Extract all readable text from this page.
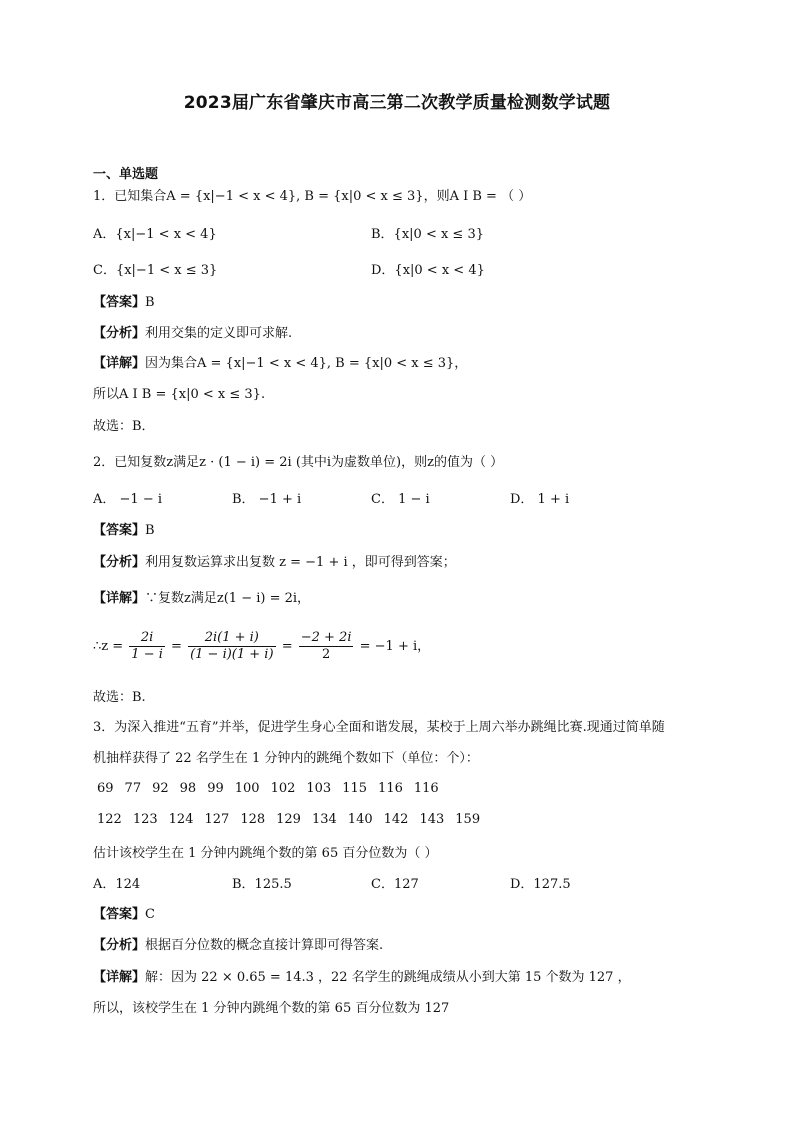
2023届广东省肇庆市高三第二次教学质量检测数学试题
一、单选题
1．已知集合A = {x|−1 < x < 4}, B = {x|0 < x ≤ 3}，则A I B = （ ）
A．{x|−1 < x < 4}	B．{x|0 < x ≤ 3}
C．{x|−1 < x ≤ 3}	D．{x|0 < x < 4}
【答案】B
【分析】利用交集的定义即可求解.
【详解】因为集合A = {x|−1 < x < 4}, B = {x|0 < x ≤ 3}，
所以A I B = {x|0 < x ≤ 3}.
故选：B．
2．已知复数z满足z · (1 − i) = 2i (其中i为虚数单位)，则z的值为（ ）
A． −1 − i	B． −1 + i	C． 1 − i	D． 1 + i
【答案】B
【分析】利用复数运算求出复数 z = −1 + i ，即可得到答案；
【详解】∵复数z满足z(1 − i) = 2i，
∴z = $\frac{2i}{1 - i} = \frac{2i(1 + i)}{(1 - i)(1 + i)} = \frac{-2 + 2i}{2} = -1 + i$，
故选：B.
3．为深入推进“五育”并举，促进学生身心全面和谐发展，某校于上周六举办跳绳比赛.现通过简单随
机抽样获得了 22 名学生在 1 分钟内的跳绳个数如下（单位：个）：
69 77 92 98 99 100 102 103 115 116 116
122 123 124 127 128 129 134 140 142 143 159
估计该校学生在 1 分钟内跳绳个数的第 65 百分位数为（ ）
A．124	B．125.5	C．127	D．127.5
【答案】C
【分析】根据百分位数的概念直接计算即可得答案.
【详解】解：因为 22 × 0.65 = 14.3 ，22 名学生的跳绳成绩从小到大第 15 个数为 127 ，
所以，该校学生在 1 分钟内跳绳个数的第 65 百分位数为 127
